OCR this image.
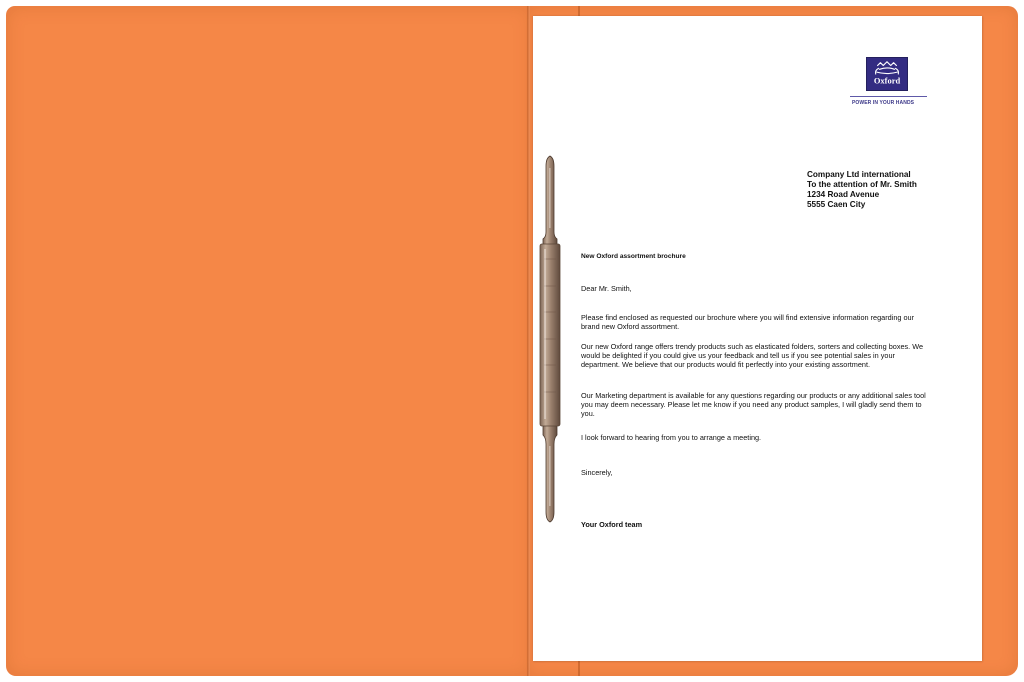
Oxford
POWER IN YOUR HANDS
Company Ltd international
To the attention of Mr. Smith
1234 Road Avenue
5555 Caen City
New Oxford assortment brochure
Dear Mr. Smith,
Please find enclosed as requested our brochure where you will find extensive information regarding our brand new Oxford assortment.
Our new Oxford range offers trendy products such as elasticated folders, sorters and collecting boxes. We would be delighted if you could give us your feedback and tell us if you see potential sales in your department. We believe that our products would fit perfectly into your existing assortment.
Our Marketing department is available for any questions regarding our products or any additional sales tool you may deem necessary. Please let me know if you need any product samples, I will gladly send them to you.
I look forward to hearing from you to arrange a meeting.
Sincerely,
Your Oxford team
